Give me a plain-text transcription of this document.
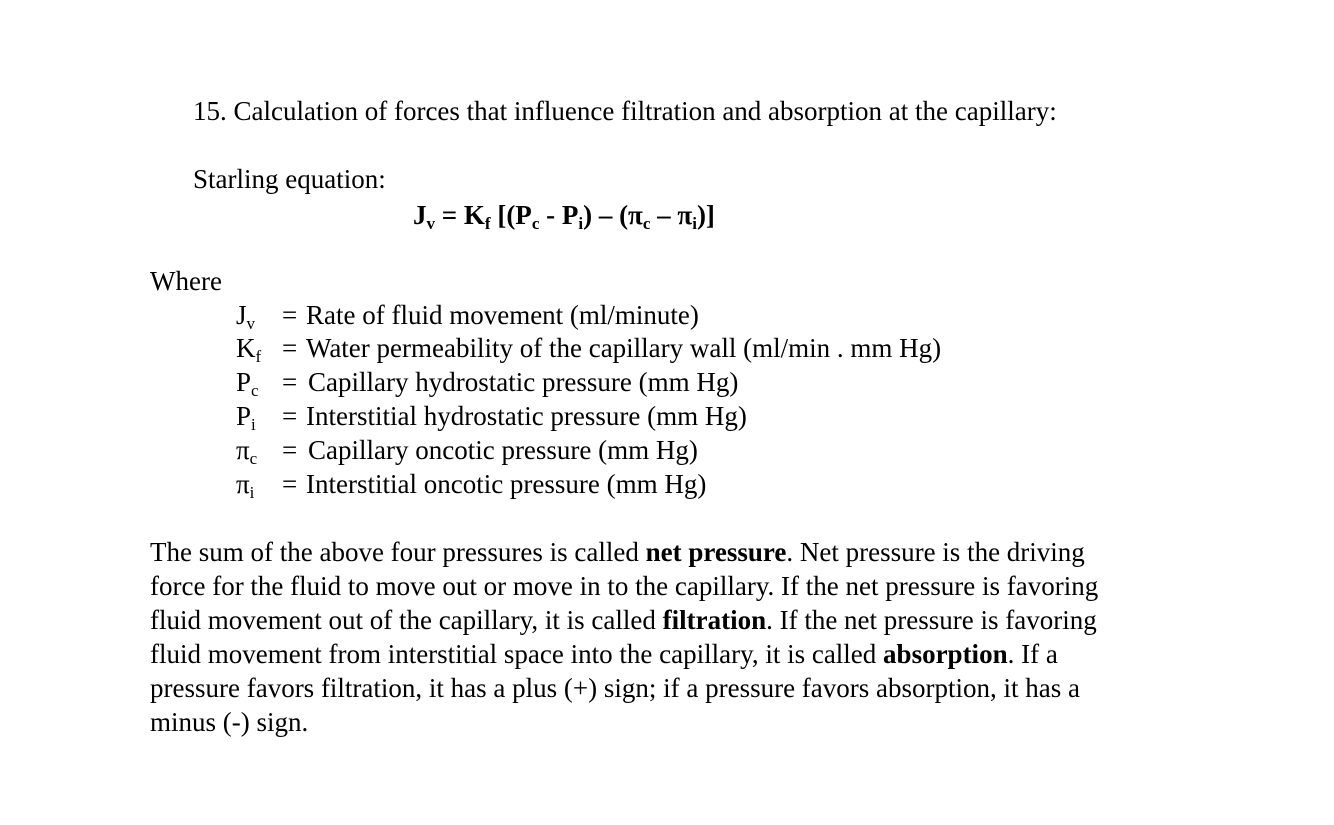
15. Calculation of forces that influence filtration and absorption at the capillary:
Starling equation:
$J_v = K_f$ $[(P_c - P_i) - (\pi_c - \pi_i)]$
Where
$J_v$ = Rate of fluid movement (ml/minute)
$K_f$ = Water permeability of the capillary wall (ml/min . mm Hg)
$P_c$ = Capillary hydrostatic pressure (mm Hg)
$P_i$ = Interstitial hydrostatic pressure (mm Hg)
$\pi_c$ = Capillary oncotic pressure (mm Hg)
$\pi_i$ = Interstitial oncotic pressure (mm Hg)
The sum of the above four pressures is called net pressure. Net pressure is the driving
force for the fluid to move out or move in to the capillary. If the net pressure is favoring
fluid movement out of the capillary, it is called filtration. If the net pressure is favoring
fluid movement from interstitial space into the capillary, it is called absorption. If a
pressure favors filtration, it has a plus (+) sign; if a pressure favors absorption, it has a
minus (-) sign.
